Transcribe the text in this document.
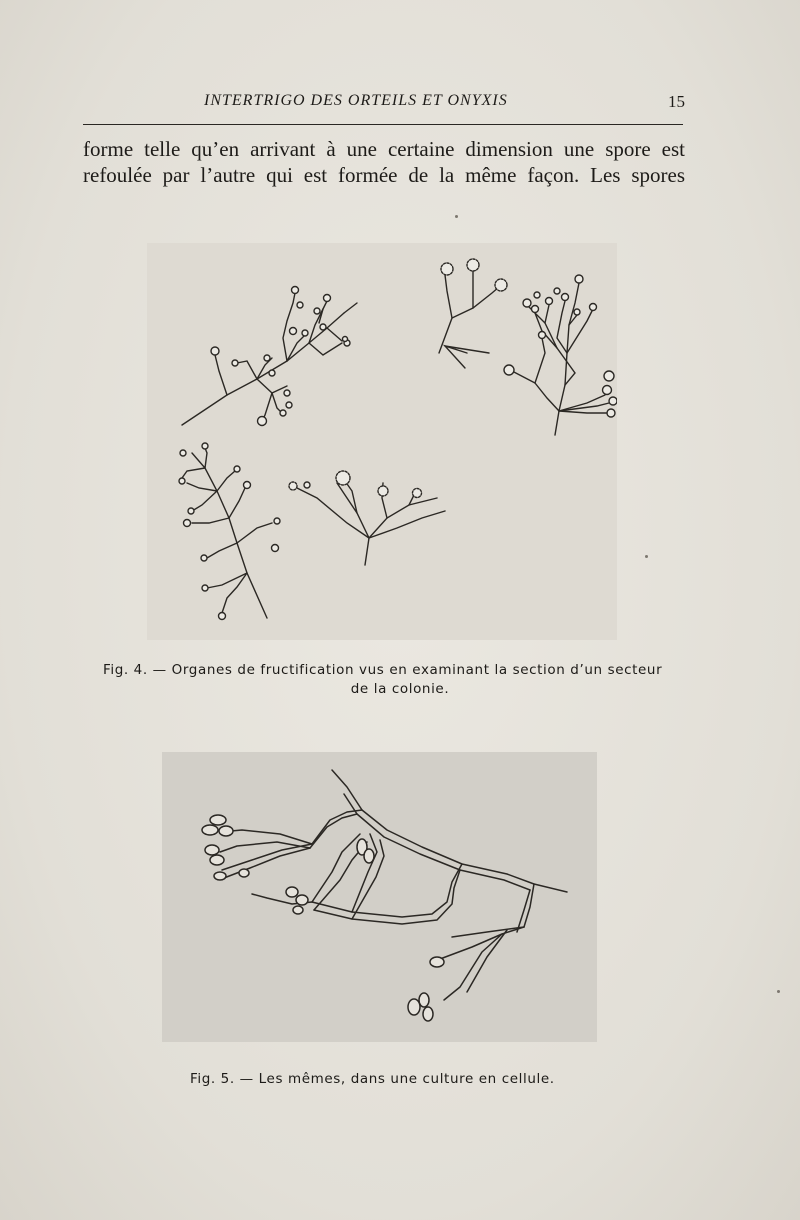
INTERTRIGO DES ORTEILS ET ONYXIS	15
forme telle qu’en arrivant à une certaine dimension une spore est
refoulée par l’autre qui est formée de la même façon. Les spores
Fig. 4. — Organes de fructification vus en examinant la section d’un secteur
de la colonie.
Fig. 5. — Les mêmes, dans une culture en cellule.
